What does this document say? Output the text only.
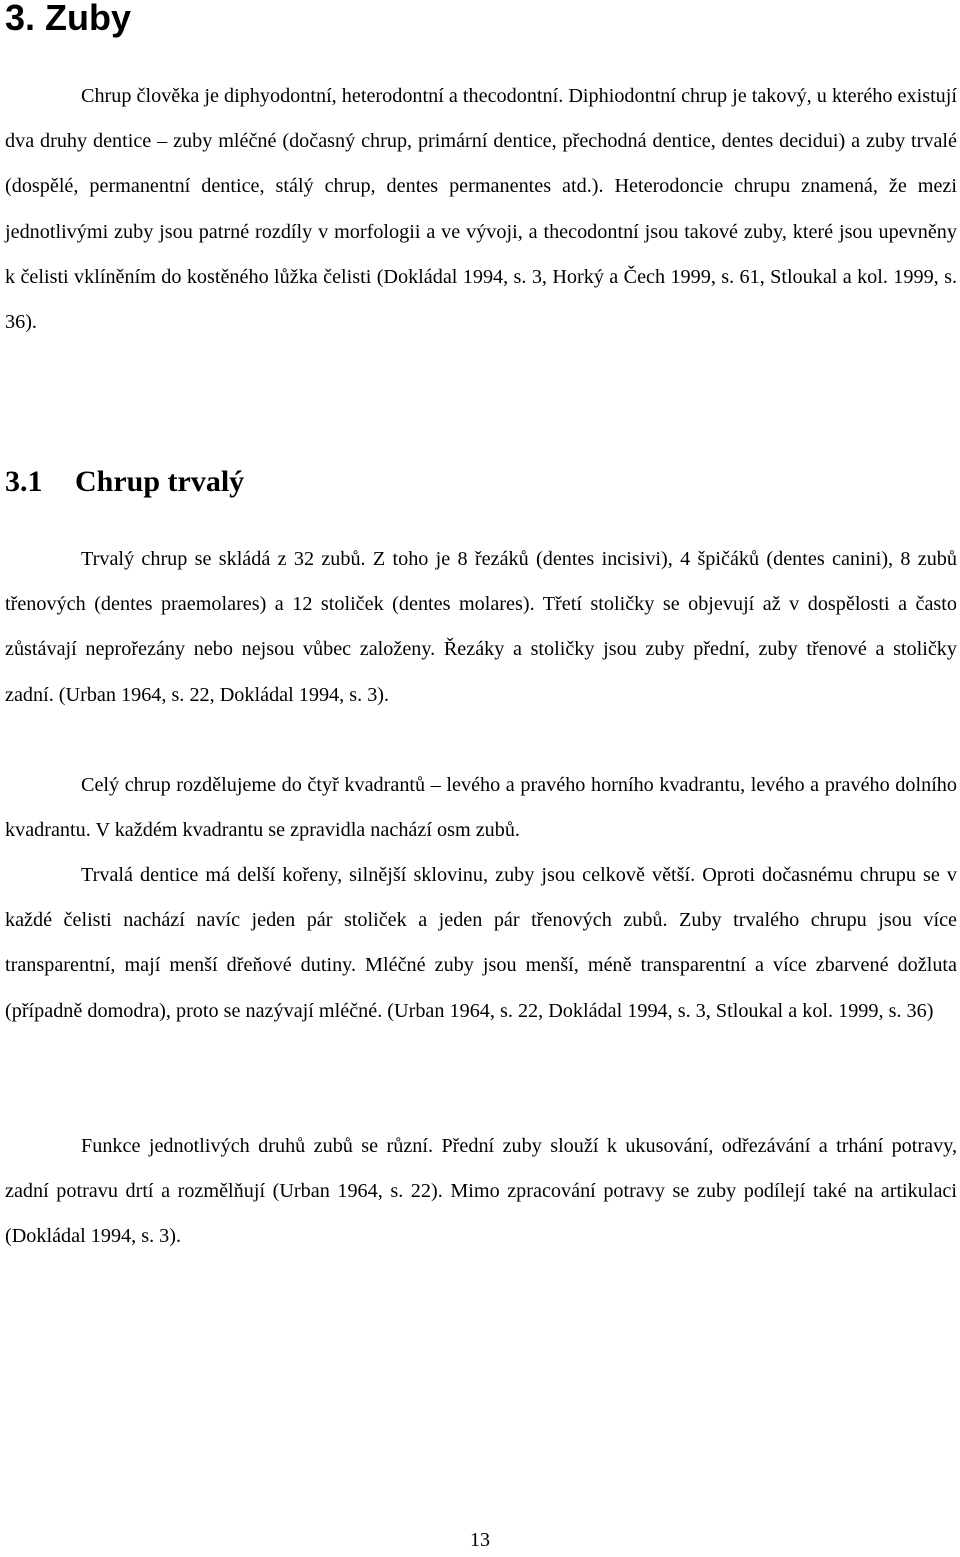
3. Zuby

Chrup člověka je diphyodontní, heterodontní a thecodontní. Diphiodontní chrup je takový, u kterého existují dva druhy dentice – zuby mléčné (dočasný chrup, primární dentice, přechodná dentice, dentes decidui) a zuby trvalé (dospělé, permanentní dentice, stálý chrup, dentes permanentes atd.). Heterodoncie chrupu znamená, že mezi jednotlivými zuby jsou patrné rozdíly v morfologii a ve vývoji, a thecodontní jsou takové zuby, které jsou upevněny k čelisti vklíněním do kostěného lůžka čelisti (Dokládal 1994, s. 3, Horký a Čech 1999, s. 61, Stloukal a kol. 1999, s. 36).

3.1 Chrup trvalý

Trvalý chrup se skládá z 32 zubů. Z toho je 8 řezáků (dentes incisivi), 4 špičáků (dentes canini), 8 zubů třenových (dentes praemolares) a 12 stoliček (dentes molares). Třetí stoličky se objevují až v dospělosti a často zůstávají neprořezány nebo nejsou vůbec založeny. Řezáky a stoličky jsou zuby přední, zuby třenové a stoličky zadní. (Urban 1964, s. 22, Dokládal 1994, s. 3).

Celý chrup rozdělujeme do čtyř kvadrantů – levého a pravého horního kvadrantu, levého a pravého dolního kvadrantu. V každém kvadrantu se zpravidla nachází osm zubů.

Trvalá dentice má delší kořeny, silnější sklovinu, zuby jsou celkově větší. Oproti dočasnému chrupu se v každé čelisti nachází navíc jeden pár stoliček a jeden pár třenových zubů. Zuby trvalého chrupu jsou více transparentní, mají menší dřeňové dutiny. Mléčné zuby jsou menší, méně transparentní a více zbarvené dožluta (případně domodra), proto se nazývají mléčné. (Urban 1964, s. 22, Dokládal 1994, s. 3, Stloukal a kol. 1999, s. 36)

Funkce jednotlivých druhů zubů se různí. Přední zuby slouží k ukusování, odřezávání a trhání potravy, zadní potravu drtí a rozmělňují (Urban 1964, s. 22). Mimo zpracování potravy se zuby podílejí také na artikulaci (Dokládal 1994, s. 3).

13
